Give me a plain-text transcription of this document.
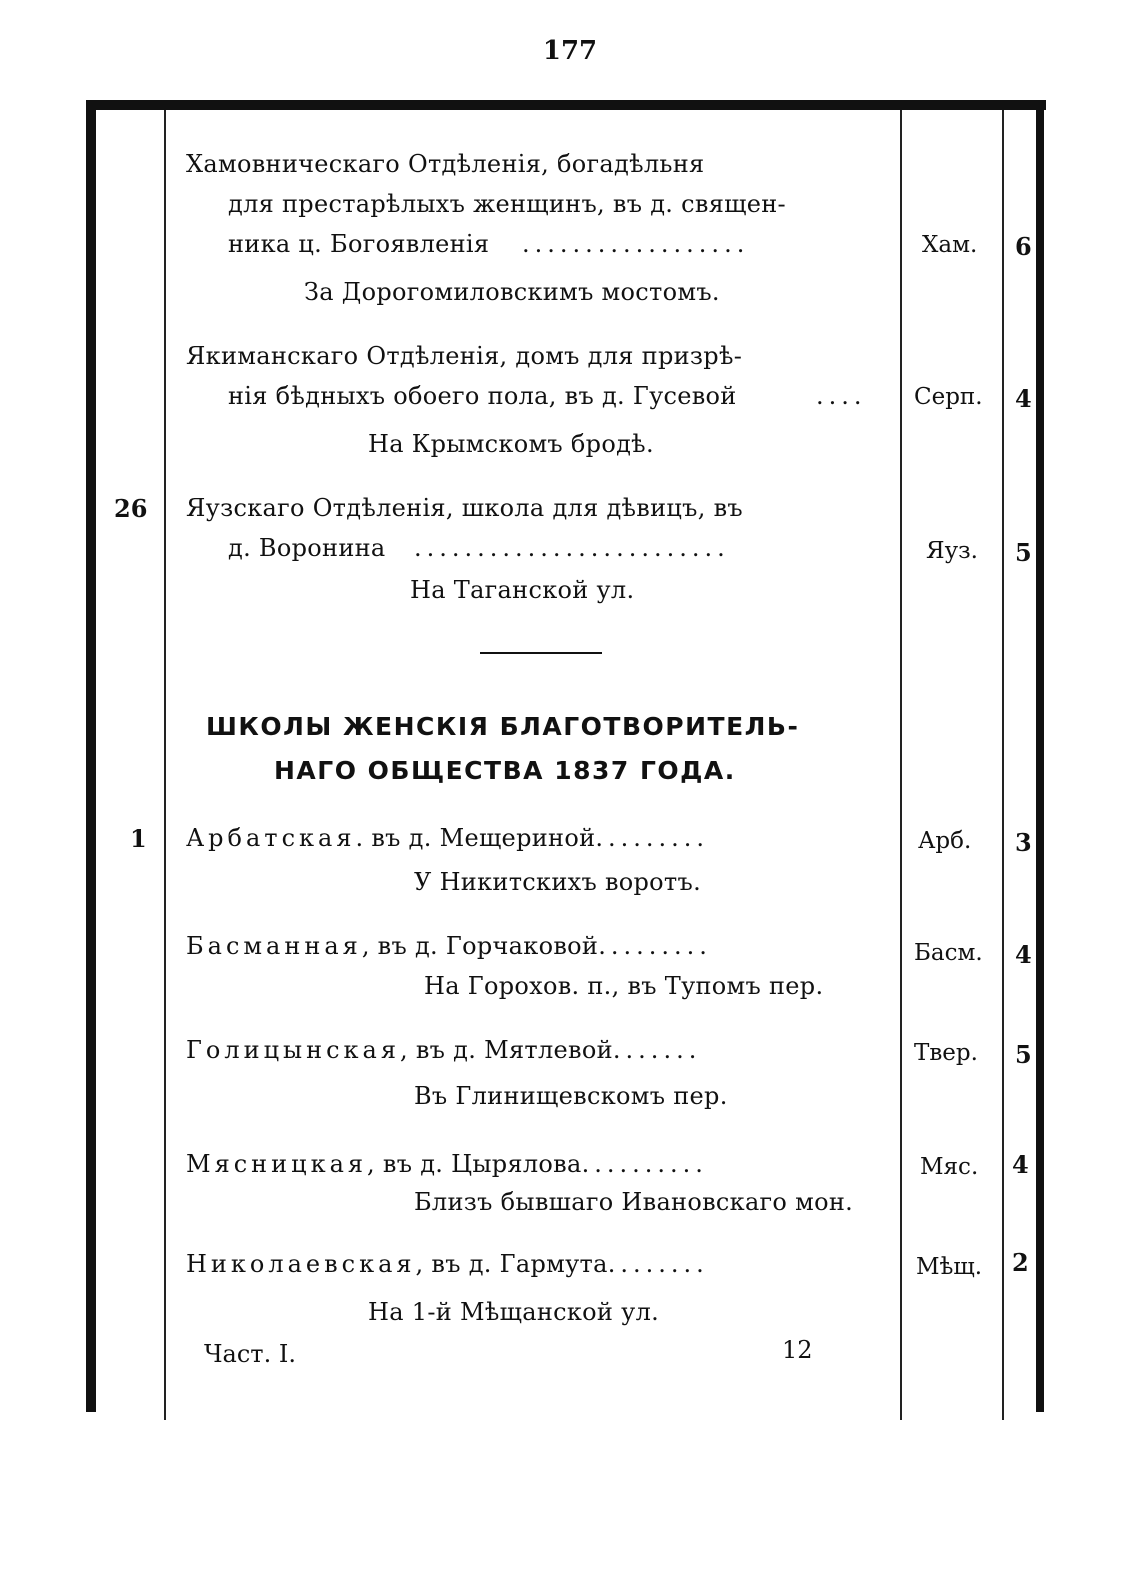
177
Хамовническаго Отдѣленія, богадѣльня
для престарѣлыхъ женщинъ, въ д. священ-
ника ц. Богоявленія ..................
За Дорогомиловскимъ мостомъ.
Хам. 6
Якиманскаго Отдѣленія, домъ для призрѣ-
нія бѣдныхъ обоего пола, въ д. Гусевой	....
На Крымскомъ бродѣ.
Серп. 4
26 Яузскаго Отдѣленія, школа для дѣвицъ, въ
д. Воронина .........................
На Таганской ул.
Яуз. 5
ШКОЛЫ ЖЕНСКІЯ БЛАГОТВОРИТЕЛЬ-
НАГО ОБЩЕСТВА 1837 ГОДА.
1 Арбатская. въ д. Мещериной.........
У Никитскихъ воротъ.
Арб. 3
Басманная, въ д. Горчаковой.........
На Горохов. п., въ Тупомъ пер.
Басм. 4
Голицынская, въ д. Мятлевой.......
Въ Глинищевскомъ пер.
Твер. 5
Мясницкая, въ д. Цырялова..........
Близъ бывшаго Ивановскаго мон.
Мяс. 4
Николаевская, въ д. Гармута........
На 1-й Мѣщанской ул.
Мѣщ. 2
Част. I.	12
